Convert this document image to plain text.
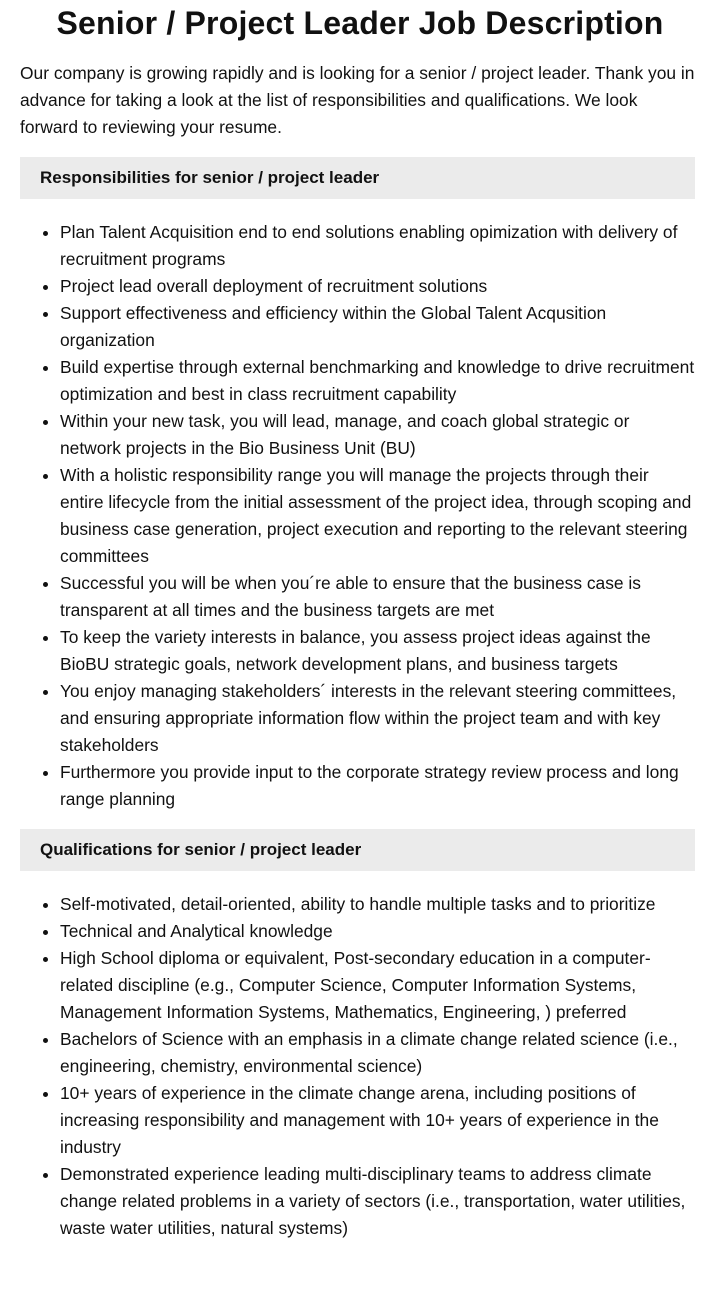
Senior / Project Leader Job Description

Our company is growing rapidly and is looking for a senior / project leader. Thank you in advance for taking a look at the list of responsibilities and qualifications. We look forward to reviewing your resume.

Responsibilities for senior / project leader
• Plan Talent Acquisition end to end solutions enabling opimization with delivery of recruitment programs
• Project lead overall deployment of recruitment solutions
• Support effectiveness and efficiency within the Global Talent Acqusition organization
• Build expertise through external benchmarking and knowledge to drive recruitment optimization and best in class recruitment capability
• Within your new task, you will lead, manage, and coach global strategic or network projects in the Bio Business Unit (BU)
• With a holistic responsibility range you will manage the projects through their entire lifecycle from the initial assessment of the project idea, through scoping and business case generation, project execution and reporting to the relevant steering committees
• Successful you will be when you´re able to ensure that the business case is transparent at all times and the business targets are met
• To keep the variety interests in balance, you assess project ideas against the BioBU strategic goals, network development plans, and business targets
• You enjoy managing stakeholders´ interests in the relevant steering committees, and ensuring appropriate information flow within the project team and with key stakeholders
• Furthermore you provide input to the corporate strategy review process and long range planning
Qualifications for senior / project leader
• Self-motivated, detail-oriented, ability to handle multiple tasks and to prioritize
• Technical and Analytical knowledge
• High School diploma or equivalent, Post-secondary education in a computer-related discipline (e.g., Computer Science, Computer Information Systems, Management Information Systems, Mathematics, Engineering, ) preferred
• Bachelors of Science with an emphasis in a climate change related science (i.e., engineering, chemistry, environmental science)
• 10+ years of experience in the climate change arena, including positions of increasing responsibility and management with 10+ years of experience in the industry
• Demonstrated experience leading multi-disciplinary teams to address climate change related problems in a variety of sectors (i.e., transportation, water utilities, waste water utilities, natural systems)
